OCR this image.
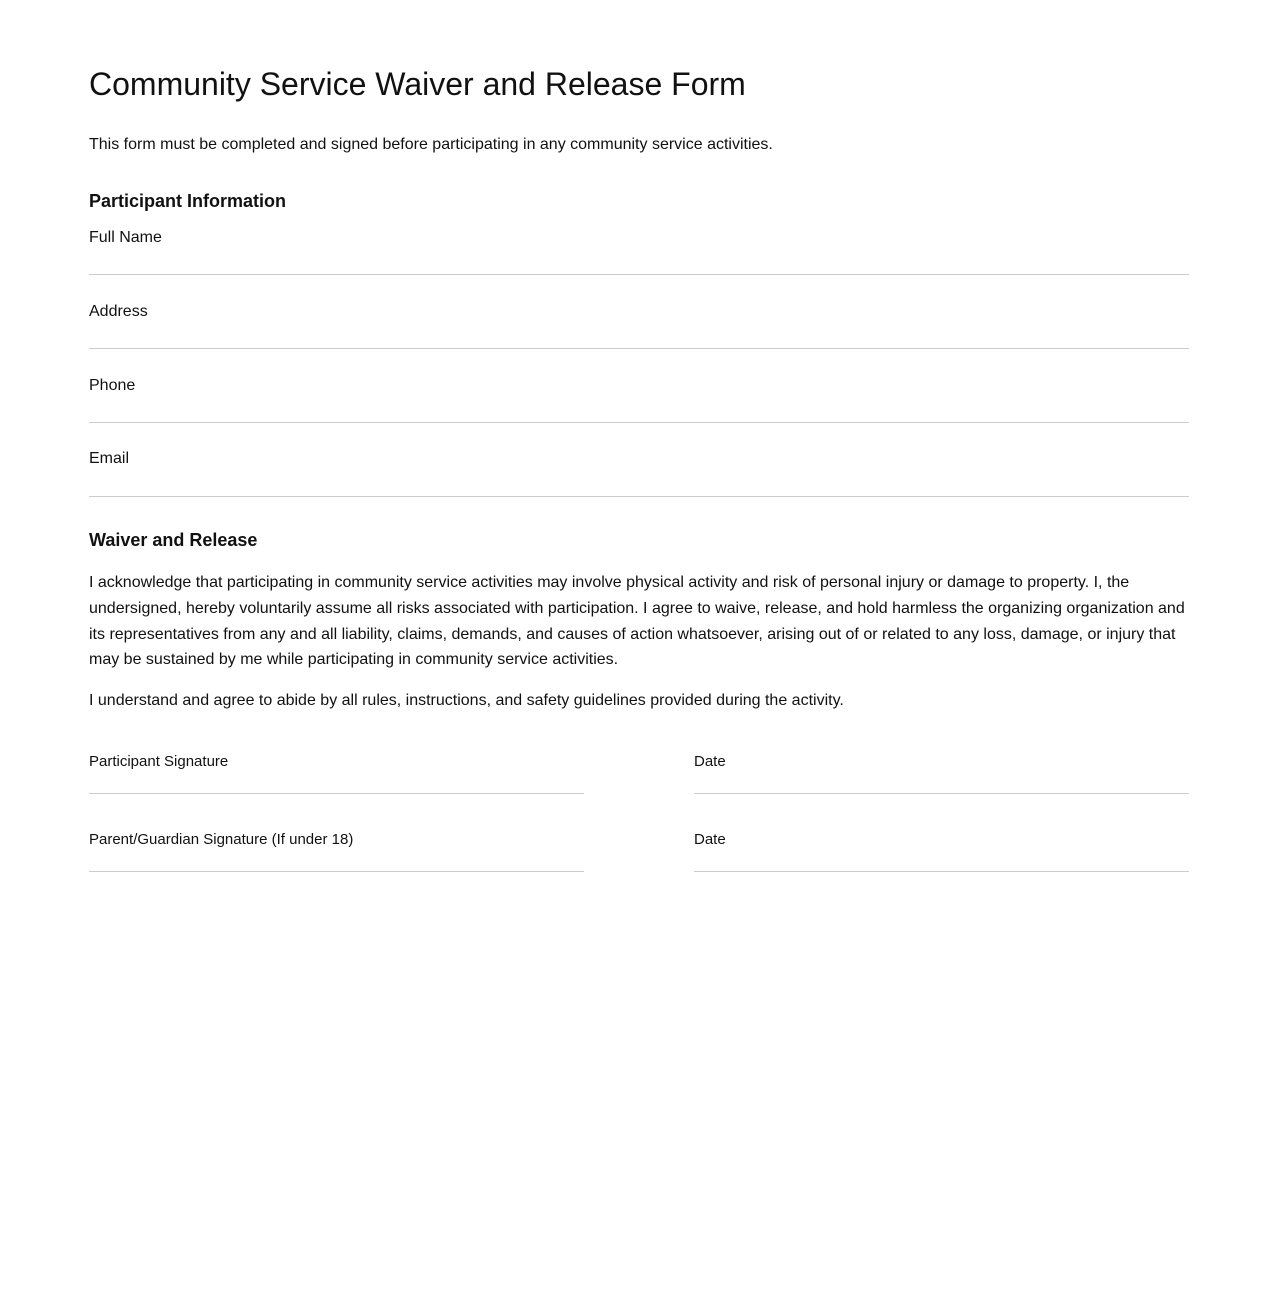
Community Service Waiver and Release Form

This form must be completed and signed before participating in any community service activities.

Participant Information
Full Name
Address
Phone
Email
Waiver and Release

I acknowledge that participating in community service activities may involve physical activity and risk of personal injury or damage to property. I, the undersigned, hereby voluntarily assume all risks associated with participation. I agree to waive, release, and hold harmless the organizing organization and its representatives from any and all liability, claims, demands, and causes of action whatsoever, arising out of or related to any loss, damage, or injury that may be sustained by me while participating in community service activities.

I understand and agree to abide by all rules, instructions, and safety guidelines provided during the activity.

Participant Signature	Date
Parent/Guardian Signature (If under 18)	Date
